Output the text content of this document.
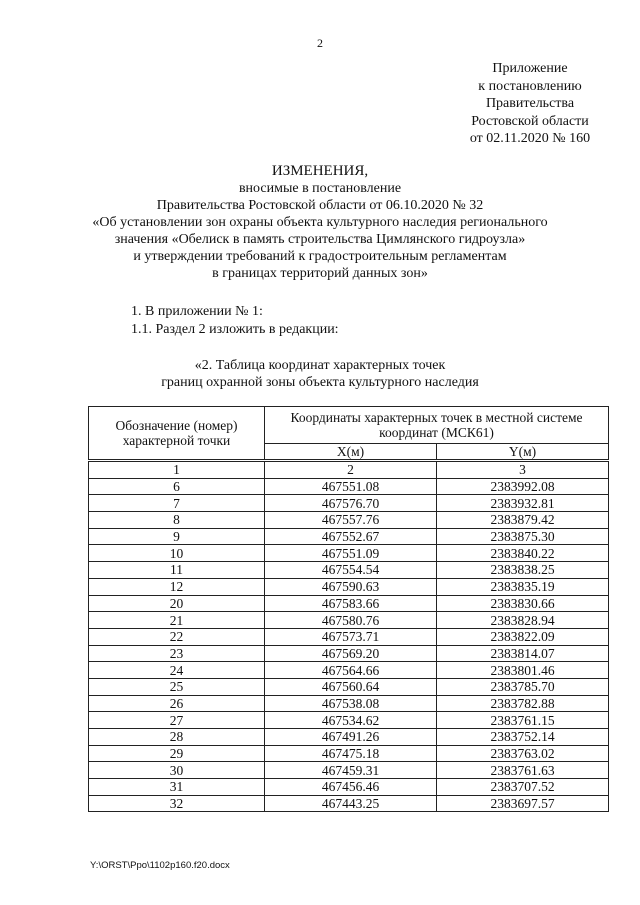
2
Приложение
к постановлению
Правительства
Ростовской области
от 02.11.2020 № 160
ИЗМЕНЕНИЯ,
вносимые в постановление
Правительства Ростовской области от 06.10.2020 № 32
«Об установлении зон охраны объекта культурного наследия регионального
значения «Обелиск в память строительства Цимлянского гидроузла»
и утверждении требований к градостроительным регламентам
в границах территорий данных зон»
1. В приложении № 1:
1.1. Раздел 2 изложить в редакции:
«2. Таблица координат характерных точек
границ охранной зоны объекта культурного наследия
Обозначение (номер) характерной точки	Координаты характерных точек в местной системе координат (МСК61)	
	X(м)	Y(м)
1	2	3
6	467551.08	2383992.08
7	467576.70	2383932.81
8	467557.76	2383879.42
9	467552.67	2383875.30
10	467551.09	2383840.22
11	467554.54	2383838.25
12	467590.63	2383835.19
20	467583.66	2383830.66
21	467580.76	2383828.94
22	467573.71	2383822.09
23	467569.20	2383814.07
24	467564.66	2383801.46
25	467560.64	2383785.70
26	467538.08	2383782.88
27	467534.62	2383761.15
28	467491.26	2383752.14
29	467475.18	2383763.02
30	467459.31	2383761.63
31	467456.46	2383707.52
32	467443.25	2383697.57
Y:\ORST\Ppo\1102p160.f20.docx
